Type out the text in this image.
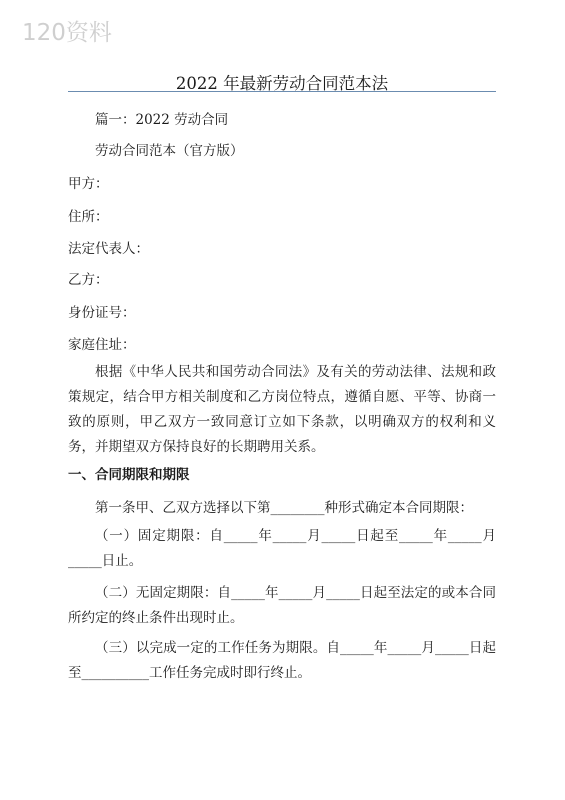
120资料
2022 年最新劳动合同范本法
篇一：2022 劳动合同
劳动合同范本（官方版）
甲方：
住所：
法定代表人：
乙方：
身份证号：
家庭住址：
根据《中华人民共和国劳动合同法》及有关的劳动法律、法规和政策规定，结合甲方相关制度和乙方岗位特点，遵循自愿、平等、协商一致的原则，甲乙双方一致同意订立如下条款，以明确双方的权利和义务，并期望双方保持良好的长期聘用关系。
一、合同期限和期限
第一条甲、乙双方选择以下第________种形式确定本合同期限：
（一）固定期限：自_____年_____月_____日起至_____年_____月_____日止。
（二）无固定期限：自_____年_____月_____日起至法定的或本合同所约定的终止条件出现时止。
（三）以完成一定的工作任务为期限。自_____年_____月_____日起至__________工作任务完成时即行终止。
